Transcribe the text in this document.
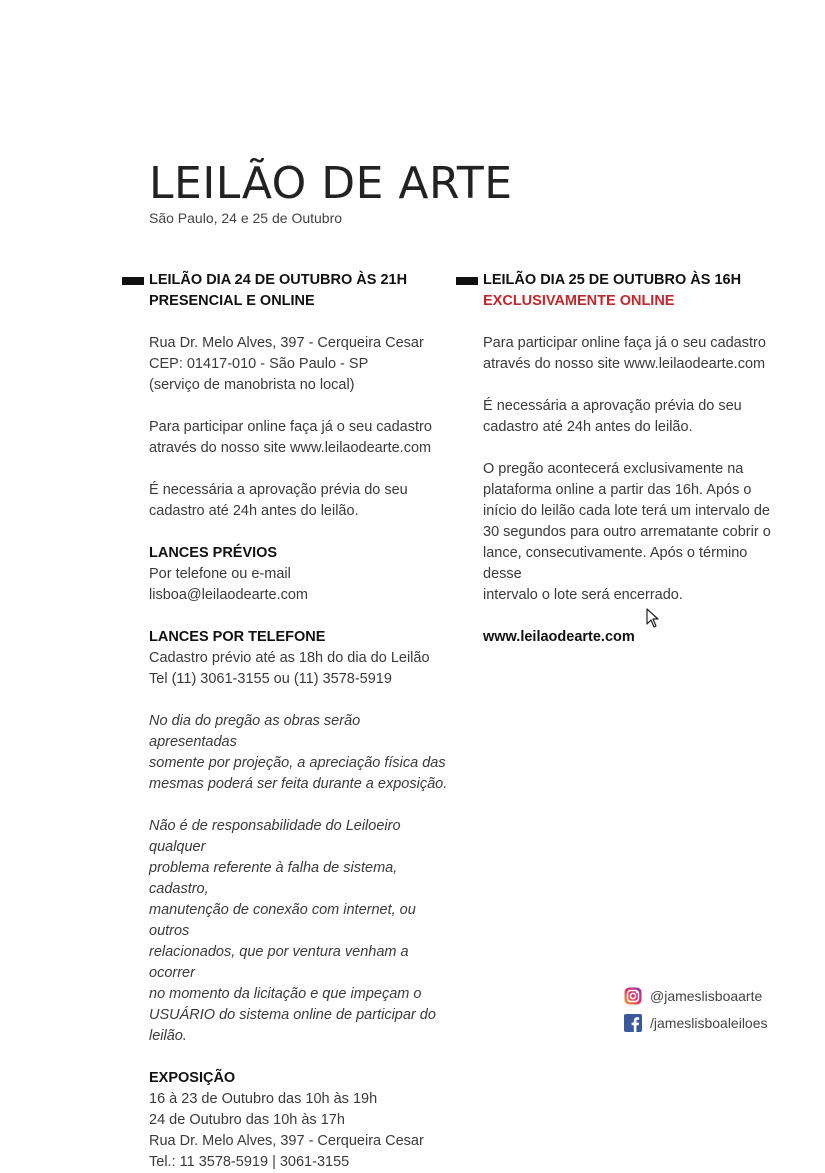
LEILÃO DE ARTE
São Paulo, 24 e 25 de Outubro

LEILÃO DIA 24 DE OUTUBRO ÀS 21H

PRESENCIAL E ONLINE

Rua Dr. Melo Alves, 397 - Cerqueira Cesar

CEP: 01417-010 - São Paulo - SP

(serviço de manobrista no local)

Para participar online faça já o seu cadastro

através do nosso site www.leilaodearte.com

É necessária a aprovação prévia do seu

cadastro até 24h antes do leilão.

LANCES PRÉVIOS

Por telefone ou e-mail

lisboa@leilaodearte.com

LANCES POR TELEFONE

Cadastro prévio até as 18h do dia do Leilão

Tel (11) 3061-3155 ou (11) 3578-5919

No dia do pregão as obras serão apresentadas

somente por projeção, a apreciação física das

mesmas poderá ser feita durante a exposição.

Não é de responsabilidade do Leiloeiro qualquer

problema referente à falha de sistema, cadastro,

manutenção de conexão com internet, ou outros

relacionados, que por ventura venham a ocorrer

no momento da licitação e que impeçam o

USUÁRIO do sistema online de participar do leilão.

EXPOSIÇÃO

16 à 23 de Outubro das 10h às 19h

24 de Outubro das 10h às 17h

Rua Dr. Melo Alves, 397 - Cerqueira Cesar

Tel.: 11 3578-5919 | 3061-3155

LEILÃO DIA 25 DE OUTUBRO ÀS 16H

EXCLUSIVAMENTE ONLINE

Para participar online faça já o seu cadastro

através do nosso site www.leilaodearte.com

É necessária a aprovação prévia do seu

cadastro até 24h antes do leilão.

O pregão acontecerá exclusivamente na

plataforma online a partir das 16h. Após o

início do leilão cada lote terá um intervalo de

30 segundos para outro arrematante cobrir o

lance, consecutivamente. Após o término desse

intervalo o lote será encerrado.

www.leilaodearte.com
@jameslisboaarte
/jameslisboaleiloes
